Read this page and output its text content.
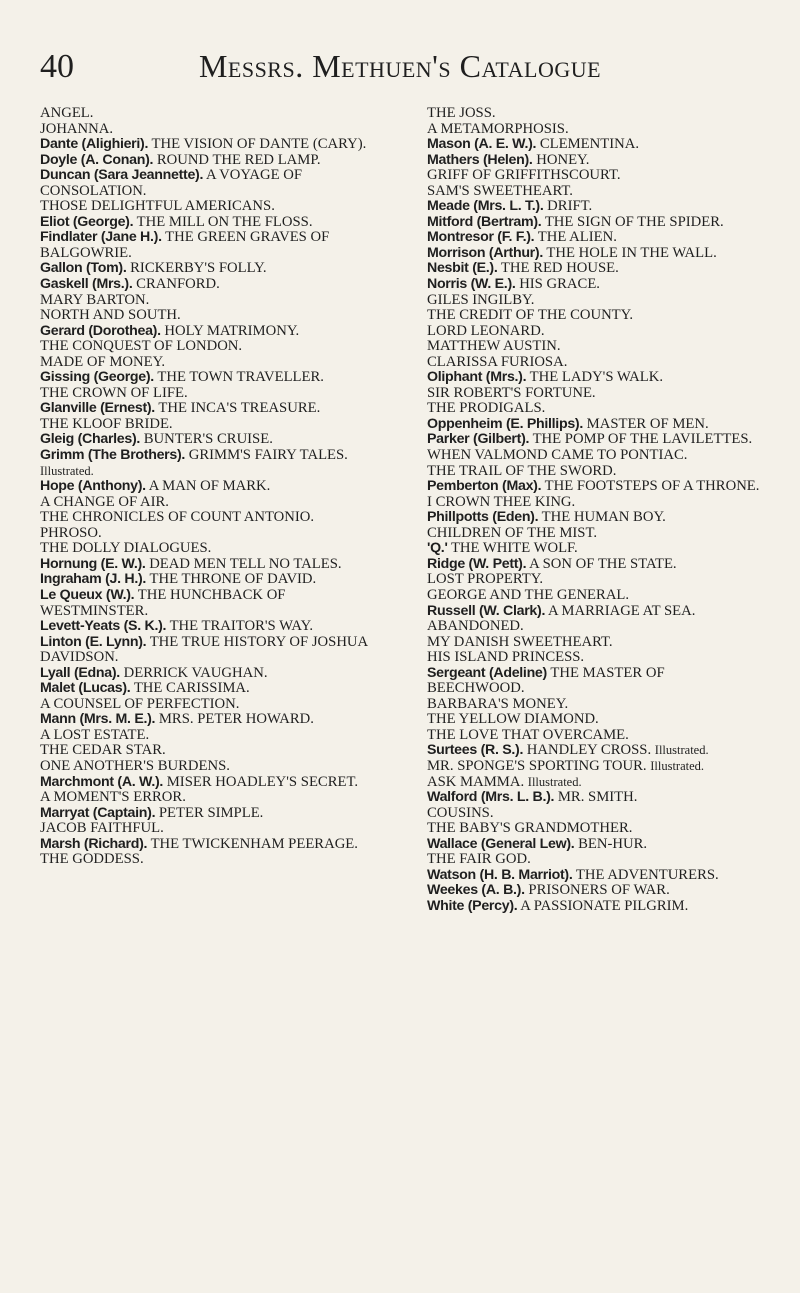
40	Messrs. Methuen's Catalogue

ANGEL.

JOHANNA.

Dante (Alighieri). THE VISION OF DANTE (CARY).

Doyle (A. Conan). ROUND THE RED LAMP.

Duncan (Sara Jeannette). A VOYAGE OF CONSOLATION.

THOSE DELIGHTFUL AMERICANS.

Eliot (George). THE MILL ON THE FLOSS.

Findlater (Jane H.). THE GREEN GRAVES OF BALGOWRIE.

Gallon (Tom). RICKERBY'S FOLLY.

Gaskell (Mrs.). CRANFORD.

MARY BARTON.

NORTH AND SOUTH.

Gerard (Dorothea). HOLY MATRIMONY.

THE CONQUEST OF LONDON.

MADE OF MONEY.

Gissing (George). THE TOWN TRAVELLER.

THE CROWN OF LIFE.

Glanville (Ernest). THE INCA'S TREASURE.

THE KLOOF BRIDE.

Gleig (Charles). BUNTER'S CRUISE.

Grimm (The Brothers). GRIMM'S FAIRY TALES. Illustrated.

Hope (Anthony). A MAN OF MARK.

A CHANGE OF AIR.

THE CHRONICLES OF COUNT ANTONIO.

PHROSO.

THE DOLLY DIALOGUES.

Hornung (E. W.). DEAD MEN TELL NO TALES.

Ingraham (J. H.). THE THRONE OF DAVID.

Le Queux (W.). THE HUNCHBACK OF WESTMINSTER.

Levett-Yeats (S. K.). THE TRAITOR'S WAY.

Linton (E. Lynn). THE TRUE HISTORY OF JOSHUA DAVIDSON.

Lyall (Edna). DERRICK VAUGHAN.

Malet (Lucas). THE CARISSIMA.

A COUNSEL OF PERFECTION.

Mann (Mrs. M. E.). MRS. PETER HOWARD.

A LOST ESTATE.

THE CEDAR STAR.

ONE ANOTHER'S BURDENS.

Marchmont (A. W.). MISER HOADLEY'S SECRET.

A MOMENT'S ERROR.

Marryat (Captain). PETER SIMPLE.

JACOB FAITHFUL.

Marsh (Richard). THE TWICKENHAM PEERAGE.

THE GODDESS.

THE JOSS.

A METAMORPHOSIS.

Mason (A. E. W.). CLEMENTINA.

Mathers (Helen). HONEY.

GRIFF OF GRIFFITHSCOURT.

SAM'S SWEETHEART.

Meade (Mrs. L. T.). DRIFT.

Mitford (Bertram). THE SIGN OF THE SPIDER.

Montresor (F. F.). THE ALIEN.

Morrison (Arthur). THE HOLE IN THE WALL.

Nesbit (E.). THE RED HOUSE.

Norris (W. E.). HIS GRACE.

GILES INGILBY.

THE CREDIT OF THE COUNTY.

LORD LEONARD.

MATTHEW AUSTIN.

CLARISSA FURIOSA.

Oliphant (Mrs.). THE LADY'S WALK.

SIR ROBERT'S FORTUNE.

THE PRODIGALS.

Oppenheim (E. Phillips). MASTER OF MEN.

Parker (Gilbert). THE POMP OF THE LAVILETTES.

WHEN VALMOND CAME TO PONTIAC.

THE TRAIL OF THE SWORD.

Pemberton (Max). THE FOOTSTEPS OF A THRONE.

I CROWN THEE KING.

Phillpotts (Eden). THE HUMAN BOY.

CHILDREN OF THE MIST.

'Q.' THE WHITE WOLF.

Ridge (W. Pett). A SON OF THE STATE.

LOST PROPERTY.

GEORGE AND THE GENERAL.

Russell (W. Clark). A MARRIAGE AT SEA.

ABANDONED.

MY DANISH SWEETHEART.

HIS ISLAND PRINCESS.

Sergeant (Adeline) THE MASTER OF BEECHWOOD.

BARBARA'S MONEY.

THE YELLOW DIAMOND.

THE LOVE THAT OVERCAME.

Surtees (R. S.). HANDLEY CROSS. Illustrated.

MR. SPONGE'S SPORTING TOUR. Illustrated.

ASK MAMMA. Illustrated.

Walford (Mrs. L. B.). MR. SMITH.

COUSINS.

THE BABY'S GRANDMOTHER.

Wallace (General Lew). BEN-HUR.

THE FAIR GOD.

Watson (H. B. Marriot). THE ADVENTURERS.

Weekes (A. B.). PRISONERS OF WAR.

White (Percy). A PASSIONATE PILGRIM.
